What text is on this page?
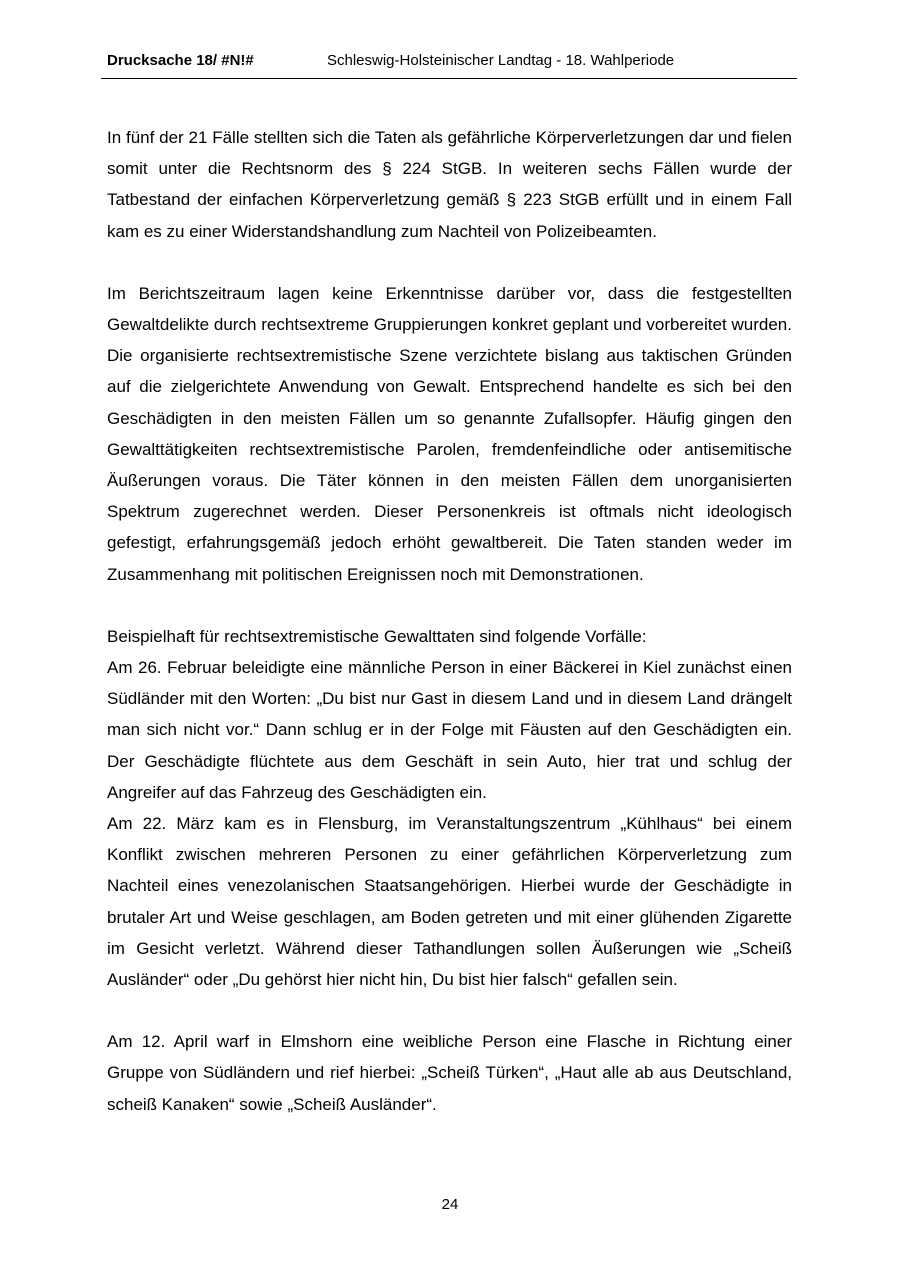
Drucksache 18/ #N!#	Schleswig-Holsteinischer Landtag - 18. Wahlperiode

In fünf der 21 Fälle stellten sich die Taten als gefährliche Körperverletzungen dar und fielen somit unter die Rechtsnorm des § 224 StGB. In weiteren sechs Fällen wurde der Tatbestand der einfachen Körperverletzung gemäß § 223 StGB erfüllt und in einem Fall kam es zu einer Widerstandshandlung zum Nachteil von Polizeibeamten.

Im Berichtszeitraum lagen keine Erkenntnisse darüber vor, dass die festgestellten Gewaltdelikte durch rechtsextreme Gruppierungen konkret geplant und vorbereitet wurden. Die organisierte rechtsextremistische Szene verzichtete bislang aus taktischen Gründen auf die zielgerichtete Anwendung von Gewalt. Entsprechend handelte es sich bei den Geschädigten in den meisten Fällen um so genannte Zufallsopfer. Häufig gingen den Gewalttätigkeiten rechtsextremistische Parolen, fremdenfeindliche oder antisemitische Äußerungen voraus. Die Täter können in den meisten Fällen dem unorganisierten Spektrum zugerechnet werden. Dieser Personenkreis ist oftmals nicht ideologisch gefestigt, erfahrungsgemäß jedoch erhöht gewaltbereit. Die Taten standen weder im Zusammenhang mit politischen Ereignissen noch mit Demonstrationen.

Beispielhaft für rechtsextremistische Gewalttaten sind folgende Vorfälle:

Am 26. Februar beleidigte eine männliche Person in einer Bäckerei in Kiel zunächst einen Südländer mit den Worten: „Du bist nur Gast in diesem Land und in diesem Land drängelt man sich nicht vor.“ Dann schlug er in der Folge mit Fäusten auf den Geschädigten ein. Der Geschädigte flüchtete aus dem Geschäft in sein Auto, hier trat und schlug der Angreifer auf das Fahrzeug des Geschädigten ein.

Am 22. März kam es in Flensburg, im Veranstaltungszentrum „Kühlhaus“ bei einem Konflikt zwischen mehreren Personen zu einer gefährlichen Körperverletzung zum Nachteil eines venezolanischen Staatsangehörigen. Hierbei wurde der Geschädigte in brutaler Art und Weise geschlagen, am Boden getreten und mit einer glühenden Zigarette im Gesicht verletzt. Während dieser Tathandlungen sollen Äußerungen wie „Scheiß Ausländer“ oder „Du gehörst hier nicht hin, Du bist hier falsch“ gefallen sein.

Am 12. April warf in Elmshorn eine weibliche Person eine Flasche in Richtung einer Gruppe von Südländern und rief hierbei: „Scheiß Türken“, „Haut alle ab aus Deutschland, scheiß Kanaken“ sowie „Scheiß Ausländer“.

24
